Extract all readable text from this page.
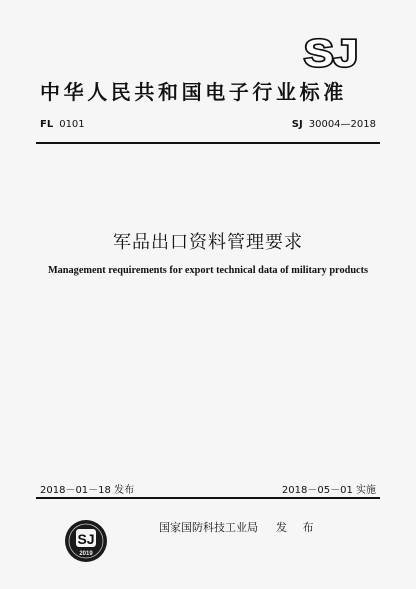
SJ
中华人民共和国电子行业标准
FL 0101	SJ 30004—2018
军品出口资料管理要求
Management requirements for export technical data of military products
2018－01－18 发布	2018－05－01 实施
SJ
2019
国家国防科技工业局 发 布
